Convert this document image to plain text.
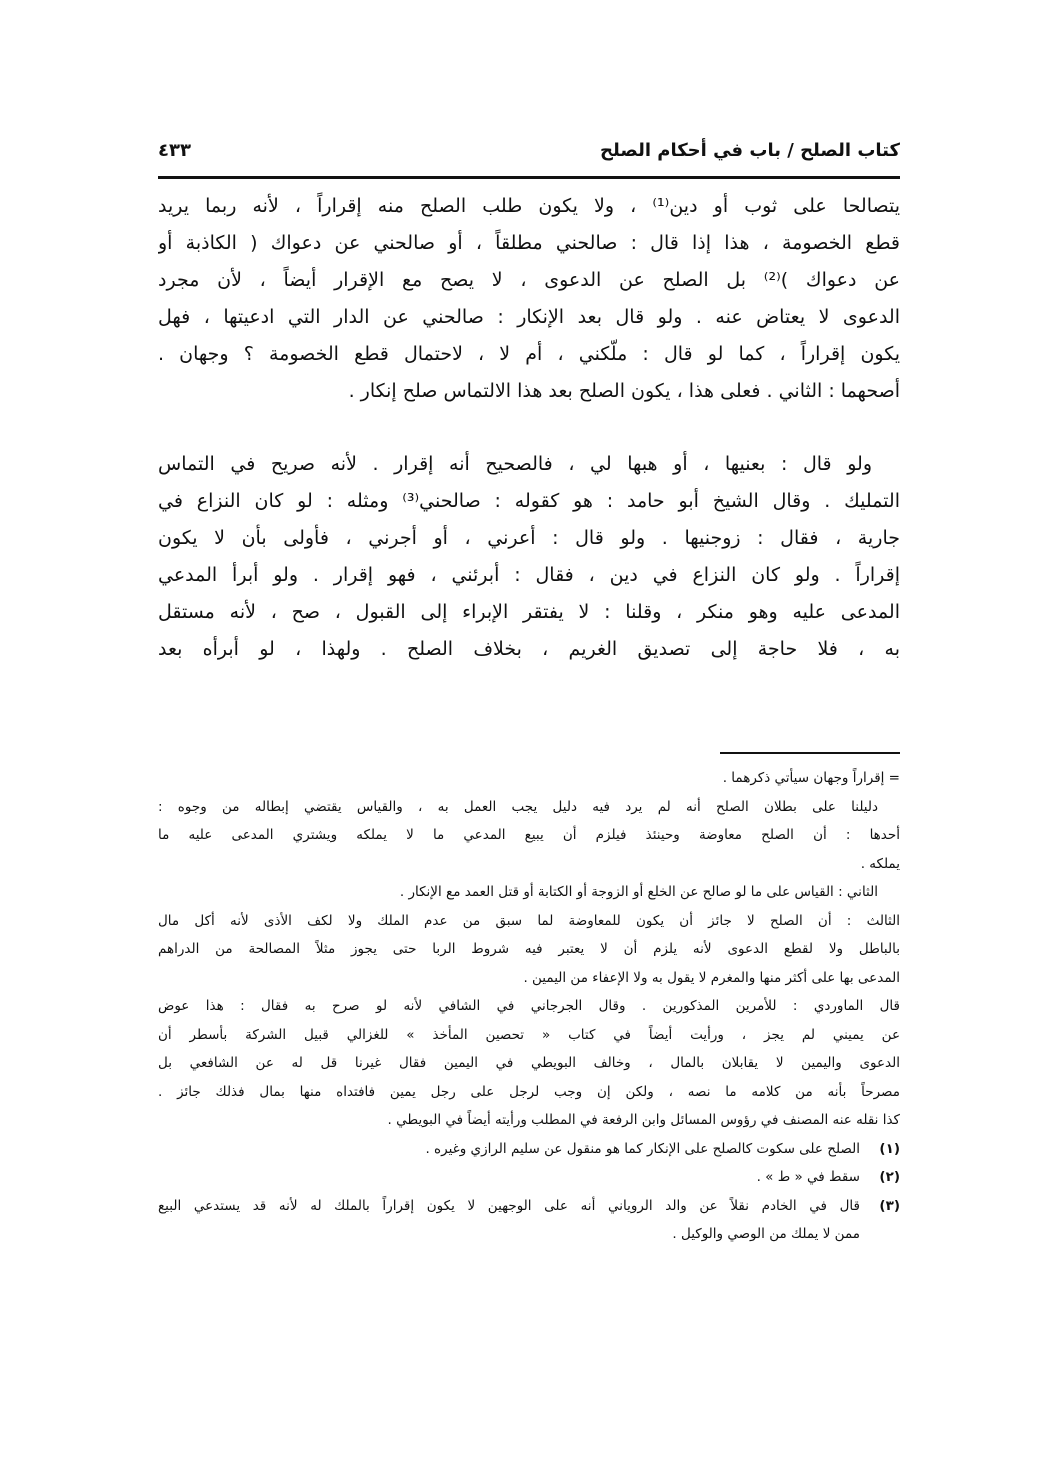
كتاب الصلح / باب في أحكام الصلح
٤٣٣
يتصالحا على ثوب أو دين⁽¹⁾ ، ولا يكون طلب الصلح منه إقراراً ، لأنه ربما يريد
قطع الخصومة ، هذا إذا قال : صالحني مطلقاً ، أو صالحني عن دعواك ( الكاذبة أو
عن دعواك )⁽²⁾ بل الصلح عن الدعوى ، لا يصح مع الإقرار أيضاً ، لأن مجرد
الدعوى لا يعتاض عنه . ولو قال بعد الإنكار : صالحني عن الدار التي ادعيتها ، فهل
يكون إقراراً ، كما لو قال : ملّكني ، أم لا ، لاحتمال قطع الخصومة ؟ وجهان .
أصحهما : الثاني . فعلى هذا ، يكون الصلح بعد هذا الالتماس صلح إنكار .
ولو قال : بعنيها ، أو هبها لي ، فالصحيح أنه إقرار . لأنه صريح في التماس
التمليك . وقال الشيخ أبو حامد : هو كقوله : صالحني⁽³⁾ ومثله : لو كان النزاع في
جارية ، فقال : زوجنيها . ولو قال : أعرني ، أو أجرني ، فأولى بأن لا يكون
إقراراً . ولو كان النزاع في دين ، فقال : أبرئني ، فهو إقرار . ولو أبرأ المدعي
المدعى عليه وهو منكر ، وقلنا : لا يفتقر الإبراء إلى القبول ، صح ، لأنه مستقل
به ، فلا حاجة إلى تصديق الغريم ، بخلاف الصلح . ولهذا ، لو أبرأه بعد
= إقراراً وجهان سيأتي ذكرهما .
دليلنا على بطلان الصلح أنه لم يرد فيه دليل يجب العمل به ، والقياس يقتضي إبطاله من وجوه :
أحدها : أن الصلح معاوضة وحينئذ فيلزم أن يبيع المدعي ما لا يملكه ويشتري المدعى عليه ما
يملكه .
الثاني : القياس على ما لو صالح عن الخلع أو الزوجة أو الكتابة أو قتل العمد مع الإنكار .
الثالث : أن الصلح لا جائز أن يكون للمعاوضة لما سبق من عدم الملك ولا لكف الأذى لأنه أكل مال
بالباطل ولا لقطع الدعوى لأنه يلزم أن لا يعتبر فيه شروط الربا حتى يجوز مثلاً المصالحة من الدراهم
المدعى بها على أكثر منها والمغرم لا يقول به ولا الإعفاء من اليمين .
قال الماوردي : للأمرين المذكورين . وقال الجرجاني في الشافي لأنه لو صرح به فقال : هذا عوض
عن يميني لم يجز ، ورأيت أيضاً في كتاب « تحصين المأخذ » للغزالي قبيل الشركة بأسطر أن
الدعوى واليمين لا يقابلان بالمال ، وخالف البويطي في اليمين فقال غيرنا قل له عن الشافعي بل
مصرحاً بأنه من كلامه ما نصه ، ولكن إن وجب لرجل على رجل يمين فافتداه منها بمال فذلك جائز .
كذا نقله عنه المصنف في رؤوس المسائل وابن الرفعة في المطلب ورأيته أيضاً في البويطي .
(١)
الصلح على سكوت كالصلح على الإنكار كما هو منقول عن سليم الرازي وغيره .
(٢)
سقط في « ط » .
(٣)
قال في الخادم نقلاً عن والد الروياني أنه على الوجهين لا يكون إقراراً بالملك له لأنه قد يستدعي البيع
ممن لا يملك من الوصي والوكيل .
